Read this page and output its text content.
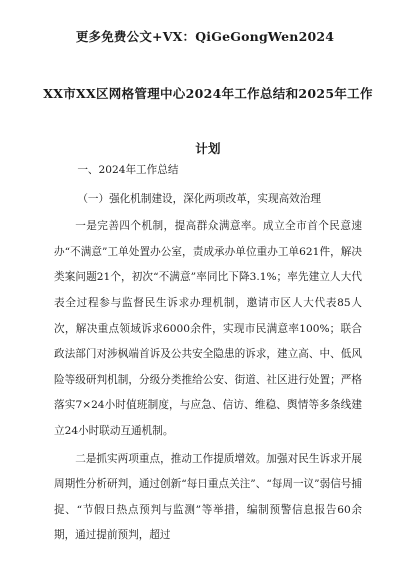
更多免费公文+VX：QiGeGongWen2024
XX市XX区网格管理中心2024年工作总结和2025年工作计划

一、2024年工作总结

（一）强化机制建设，深化两项改革，实现高效治理

一是完善四个机制，提高群众满意率。成立全市首个民意速办“不满意”工单处置办公室，责成承办单位重办工单621件，解决类案问题21个，初次“不满意”率同比下降3.1%；率先建立人大代表全过程参与监督民生诉求办理机制，邀请市区人大代表85人次，解决重点领域诉求6000余件，实现市民满意率100%；联合政法部门对涉枫端首诉及公共安全隐患的诉求，建立高、中、低风险等级研判机制，分级分类推给公安、街道、社区进行处置；严格落实7×24小时值班制度，与应急、信访、维稳、舆情等多条线建立24小时联动互通机制。

二是抓实两项重点，推动工作提质增效。加强对民生诉求开展周期性分析研判，通过创新“每日重点关注”、“每周一议”弱信号捕捉、“节假日热点预判与监测”等举措，编制预警信息报告60余期，通过提前预判，超过
